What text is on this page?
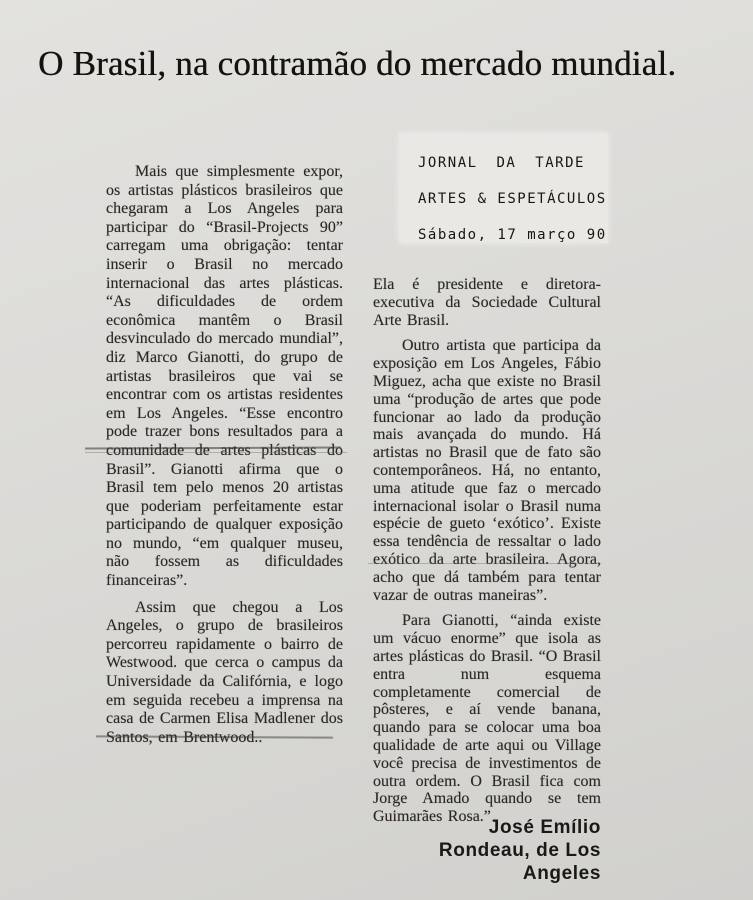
O Brasil, na contramão do mercado mundial.
JORNAL DA TARDE
ARTES & ESPETÁCULOS
Sábado, 17 março 90

Mais que simplesmente expor, os artistas plásticos brasileiros que chegaram a Los Angeles para participar do “Brasil-Projects 90” carregam uma obrigação: tentar inserir o Brasil no mercado internacional das artes plásticas. “As dificuldades de ordem econômica mantêm o Brasil desvinculado do mercado mundial”, diz Marco Gianotti, do grupo de artistas brasileiros que vai se encontrar com os artistas residentes em Los Angeles. “Esse encontro pode trazer bons resultados para a comunidade de artes plásticas do Brasil”. Gianotti afirma que o Brasil tem pelo menos 20 artistas que poderiam perfeitamente estar participando de qualquer exposição no mundo, “em qualquer museu, não fossem as dificuldades financeiras”.

Assim que chegou a Los Angeles, o grupo de brasileiros percorreu rapidamente o bairro de Westwood. que cerca o campus da Universidade da Califórnia, e logo em seguida recebeu a imprensa na casa de Carmen Elisa Madlener dos Santos, em Brentwood..

Ela é presidente e diretora-executiva da Sociedade Cultural Arte Brasil.

Outro artista que participa da exposição em Los Angeles, Fábio Miguez, acha que existe no Brasil uma “produção de artes que pode funcionar ao lado da produção mais avançada do mundo. Há artistas no Brasil que de fato são contemporâneos. Há, no entanto, uma atitude que faz o mercado internacional isolar o Brasil numa espécie de gueto ‘exótico’. Existe essa tendência de ressaltar o lado exótico da arte brasileira. Agora, acho que dá também para tentar vazar de outras maneiras”.

Para Gianotti, “ainda existe um vácuo enorme” que isola as artes plásticas do Brasil. “O Brasil entra num esquema completamente comercial de pôsteres, e aí vende banana, quando para se colocar uma boa qualidade de arte aqui ou Village você precisa de investimentos de outra ordem. O Brasil fica com Jorge Amado quando se tem Guimarães Rosa.”

José Emílio
Rondeau, de Los Angeles
